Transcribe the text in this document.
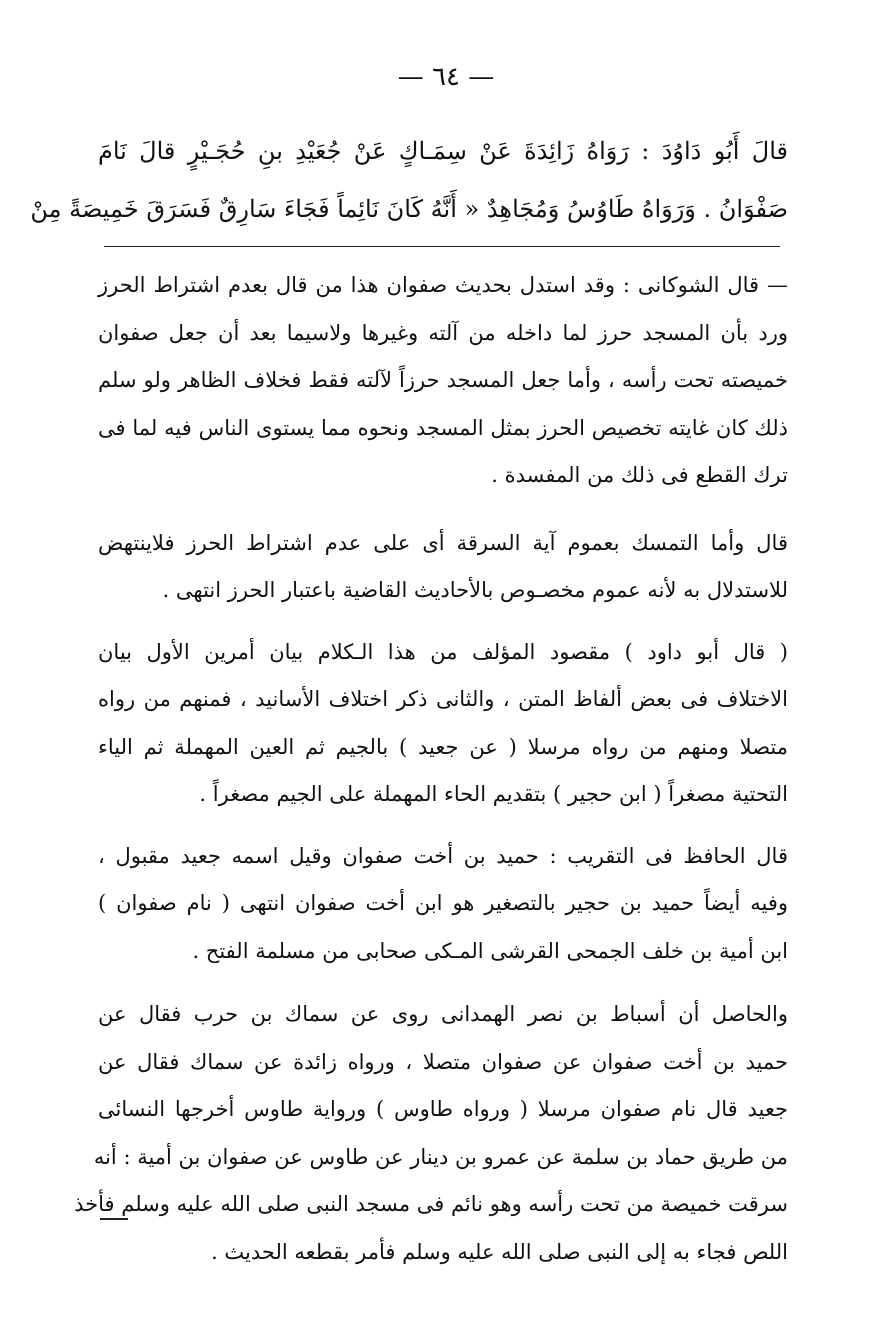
— ٦٤ —
قالَ أَبُو دَاوُدَ : رَوَاهُ زَائِدَةَ عَنْ سِمَـاكٍ عَنْ جُعَيْدِ بنِ حُجَـيْرٍ قالَ نَامَ
صَفْوَانُ . وَرَوَاهُ طَاوُسُ وَمُجَاهِدٌ « أَنَّهُ كَانَ نَائِماً فَجَاءَ سَارِقٌ فَسَرَقَ خَمِيصَةً مِنْ
— قال الشوكانى : وقد استدل بحديث صفوان هذا من قال بعدم اشتراط الحرز
ورد بأن المسجد حرز لما داخله من آلته وغيرها ولاسيما بعد أن جعل صفوان
خميصته تحت رأسه ، وأما جعل المسجد حرزاً لآلته فقط فخلاف الظاهر ولو سلم
ذلك كان غايته تخصيص الحرز بمثل المسجد ونحوه مما يستوى الناس فيه لما فى
ترك القطع فى ذلك من المفسدة .
قال وأما التمسك بعموم آية السرقة أى على عدم اشتراط الحرز فلاينتهض
للاستدلال به لأنه عموم مخصـوص بالأحاديث القاضية باعتبار الحرز انتهى .
( قال أبو داود ) مقصود المؤلف من هذا الـكلام بيان أمرين الأول بيان
الاختلاف فى بعض ألفاظ المتن ، والثانى ذكر اختلاف الأسانيد ، فمنهم من رواه
متصلا ومنهم من رواه مرسلا ( عن جعيد ) بالجيم ثم العين المهملة ثم الياء
التحتية مصغراً ( ابن حجير ) بتقديم الحاء المهملة على الجيم مصغراً .
قال الحافظ فى التقريب : حميد بن أخت صفوان وقيل اسمه جعيد مقبول ،
وفيه أيضاً حميد بن حجير بالتصغير هو ابن أخت صفوان انتهى ( نام صفوان )
ابن أمية بن خلف الجمحى القرشى المـكى صحابى من مسلمة الفتح .
والحاصل أن أسباط بن نصر الهمدانى روى عن سماك بن حرب فقال عن
حميد بن أخت صفوان عن صفوان متصلا ، ورواه زائدة عن سماك فقال عن
جعيد قال نام صفوان مرسلا ( ورواه طاوس ) ورواية طاوس أخرجها النسائى
من طريق حماد بن سلمة عن عمرو بن دينار عن طاوس عن صفوان بن أمية : أنه
سرقت خميصة من تحت رأسه وهو نائم فى مسجد النبى صلى الله عليه وسلم فأخذ
اللص فجاء به إلى النبى صلى الله عليه وسلم فأمر بقطعه الحديث .
